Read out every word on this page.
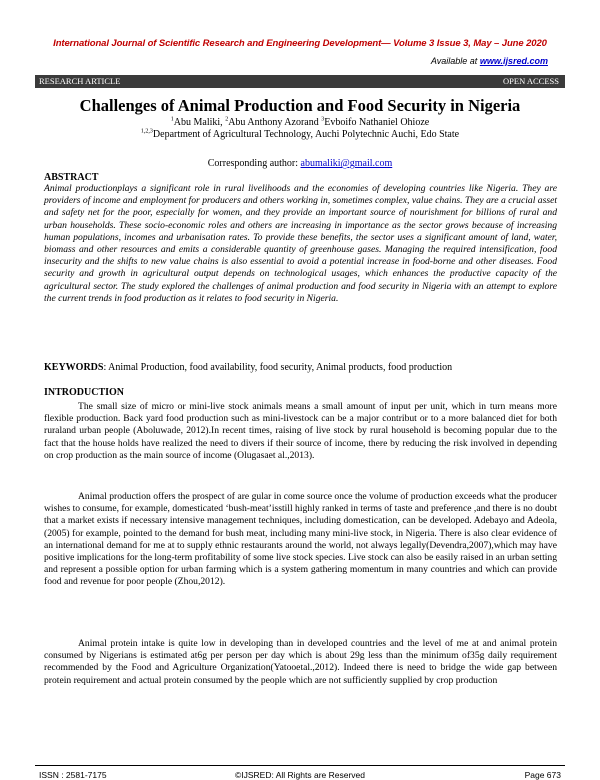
International Journal of Scientific Research and Engineering Development— Volume 3 Issue 3, May – June 2020
Available at www.ijsred.com
RESEARCH ARTICLE	OPEN ACCESS
Challenges of Animal Production and Food Security in Nigeria
$^1$Abu Maliki, $^2$Abu Anthony Azorand $^3$Evboifo Nathaniel Ohioze
$^{1,2,3}$Department of Agricultural Technology, Auchi Polytechnic Auchi, Edo State
Corresponding author: abumaliki@gmail.com
ABSTRACT

Animal productionplays a significant role in rural livelihoods and the economies of developing countries like Nigeria. They are providers of income and employment for producers and others working in, sometimes complex, value chains. They are a crucial asset and safety net for the poor, especially for women, and they provide an important source of nourishment for billions of rural and urban households. These socio-economic roles and others are increasing in importance as the sector grows because of increasing human populations, incomes and urbanisation rates. To provide these benefits, the sector uses a significant amount of land, water, biomass and other resources and emits a considerable quantity of greenhouse gases. Managing the required intensification, food insecurity and the shifts to new value chains is also essential to avoid a potential increase in food-borne and other diseases. Food security and growth in agricultural output depends on technological usages, which enhances the productive capacity of the agricultural sector. The study explored the challenges of animal production and food security in Nigeria with an attempt to explore the current trends in food production as it relates to food security in Nigeria.

KEYWORDS: Animal Production, food availability, food security, Animal products, food production
INTRODUCTION

The small size of micro or mini-live stock animals means a small amount of input per unit, which in turn means more flexible production. Back yard food production such as mini-livestock can be a major contribut or to a more balanced diet for both ruraland urban people (Aboluwade, 2012).In recent times, raising of live stock by rural household is becoming popular due to the fact that the house holds have realized the need to divers if their source of income, there by reducing the risk involved in depending on crop production as the main source of income (Olugasaet al.,2013).

Animal production offers the prospect of are gular in come source once the volume of production exceeds what the producer wishes to consume, for example, domesticated ‘bush-meat’isstill highly ranked in terms of taste and preference ,and there is no doubt that a market exists if necessary intensive management techniques, including domestication, can be developed. Adebayo and Adeola, (2005) for example, pointed to the demand for bush meat, including many mini-live stock, in Nigeria. There is also clear evidence of an international demand for me at to supply ethnic restaurants around the world, not always legally(Devendra,2007),which may have positive implications for the long-term profitability of some live stock species. Live stock can also be easily raised in an urban setting and represent a possible option for urban farming which is a system gathering momentum in many countries and which can provide food and revenue for poor people (Zhou,2012).

Animal protein intake is quite low in developing than in developed countries and the level of me at and animal protein consumed by Nigerians is estimated at6g per person per day which is about 29g less than the minimum of35g daily requirement recommended by the Food and Agriculture Organization(Yatooetal.,2012). Indeed there is need to bridge the wide gap between protein requirement and actual protein consumed by the people which are not sufficiently supplied by crop production

ISSN : 2581-7175	©IJSRED: All Rights are Reserved	Page 673
